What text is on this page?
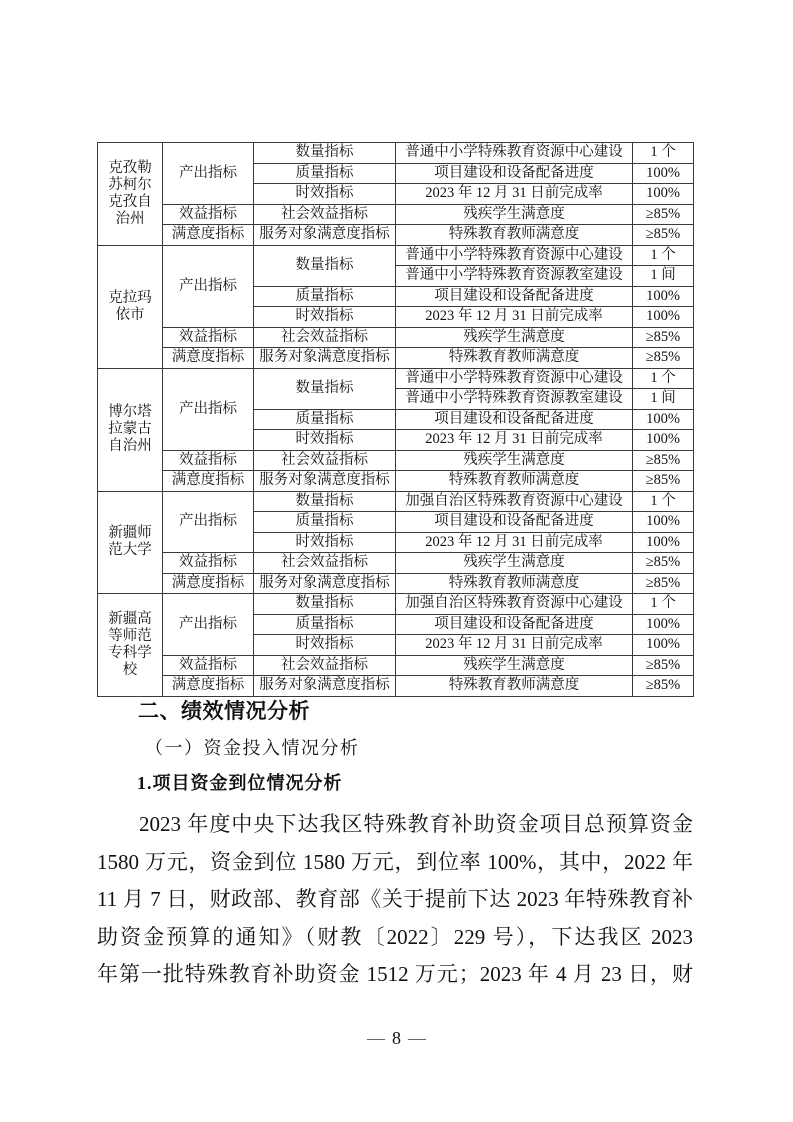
克孜勒苏柯尔克孜自治州	产出指标	数量指标	普通中小学特殊教育资源中心建设	1 个
		质量指标	项目建设和设备配备进度	100%
		时效指标	2023 年 12 月 31 日前完成率	100%
	效益指标	社会效益指标	残疾学生满意度	≥85%
	满意度指标	服务对象满意度指标	特殊教育教师满意度	≥85%
克拉玛依市	产出指标	数量指标	普通中小学特殊教育资源中心建设	1 个
			普通中小学特殊教育资源教室建设	1 间
		质量指标	项目建设和设备配备进度	100%
		时效指标	2023 年 12 月 31 日前完成率	100%
	效益指标	社会效益指标	残疾学生满意度	≥85%
	满意度指标	服务对象满意度指标	特殊教育教师满意度	≥85%
博尔塔拉蒙古自治州	产出指标	数量指标	普通中小学特殊教育资源中心建设	1 个
			普通中小学特殊教育资源教室建设	1 间
		质量指标	项目建设和设备配备进度	100%
		时效指标	2023 年 12 月 31 日前完成率	100%
	效益指标	社会效益指标	残疾学生满意度	≥85%
	满意度指标	服务对象满意度指标	特殊教育教师满意度	≥85%
新疆师范大学	产出指标	数量指标	加强自治区特殊教育资源中心建设	1 个
		质量指标	项目建设和设备配备进度	100%
		时效指标	2023 年 12 月 31 日前完成率	100%
	效益指标	社会效益指标	残疾学生满意度	≥85%
	满意度指标	服务对象满意度指标	特殊教育教师满意度	≥85%
新疆高等师范专科学校	产出指标	数量指标	加强自治区特殊教育资源中心建设	1 个
		质量指标	项目建设和设备配备进度	100%
		时效指标	2023 年 12 月 31 日前完成率	100%
	效益指标	社会效益指标	残疾学生满意度	≥85%
	满意度指标	服务对象满意度指标	特殊教育教师满意度	≥85%
二、绩效情况分析
（一）资金投入情况分析
1.项目资金到位情况分析
2023 年度中央下达我区特殊教育补助资金项目总预算资金
1580 万元，资金到位 1580 万元，到位率 100%，其中，2022 年
11 月 7 日，财政部、教育部《关于提前下达 2023 年特殊教育补
助资金预算的通知》（财教〔2022〕229 号），下达我区 2023
年第一批特殊教育补助资金 1512 万元；2023 年 4 月 23 日，财
— 8 —
